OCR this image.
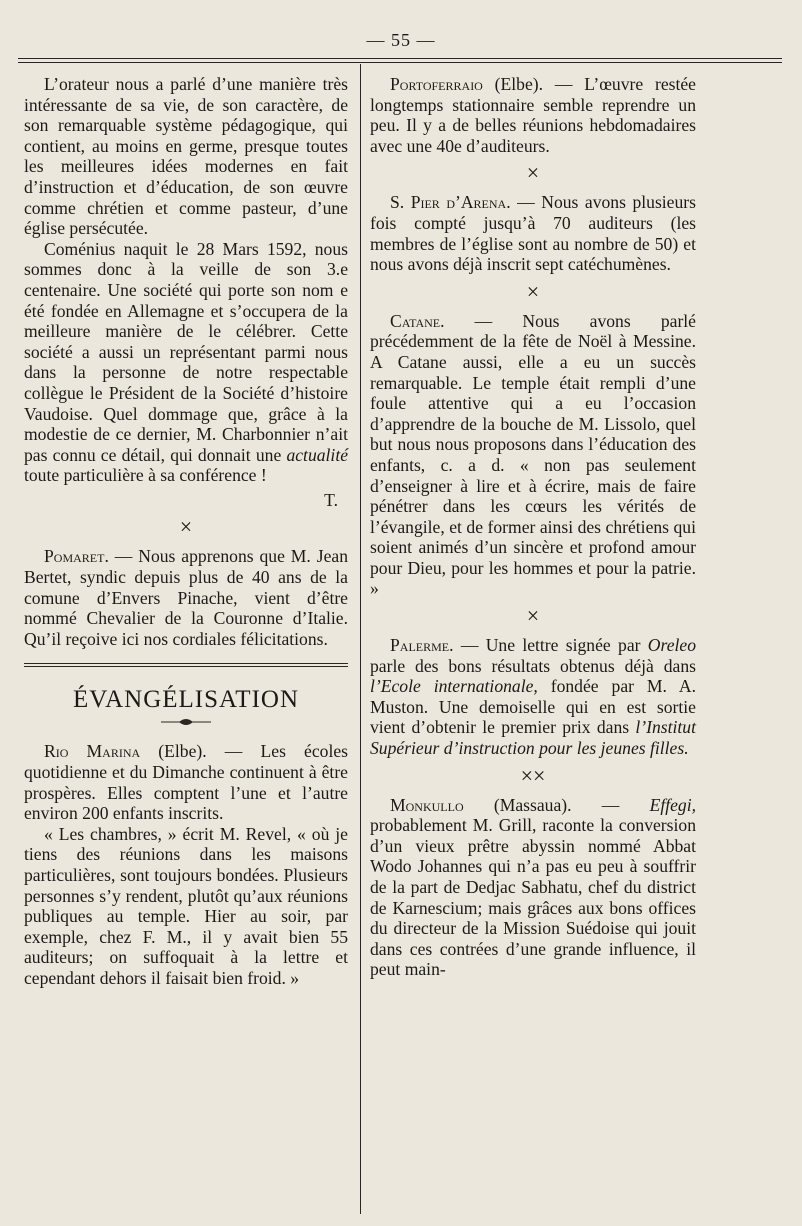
— 55 —

L’orateur nous a parlé d’une manière très intéressante de sa vie, de son caractère, de son remarquable système pédagogique, qui contient, au moins en germe, presque toutes les meilleures idées modernes en fait d’instruction et d’éducation, de son œuvre comme chrétien et comme pasteur, d’une église persécutée.

Coménius naquit le 28 Mars 1592, nous sommes donc à la veille de son 3.e centenaire. Une société qui porte son nom e été fondée en Allemagne et s’occupera de la meilleure manière de le célébrer. Cette société a aussi un représentant parmi nous dans la personne de notre respectable collègue le Président de la Société d’histoire Vaudoise. Quel dommage que, grâce à la modestie de ce dernier, M. Charbonnier n’ait pas connu ce détail, qui donnait une actualité toute particulière à sa conférence !

T.

×

Pomaret. — Nous apprenons que M. Jean Bertet, syndic depuis plus de 40 ans de la comune d’Envers Pinache, vient d’être nommé Chevalier de la Couronne d’Italie. Qu’il reçoive ici nos cordiales félicitations.

ÉVANGÉLISATION

Rio Marina (Elbe). — Les écoles quotidienne et du Dimanche continuent à être prospères. Elles comptent l’une et l’autre environ 200 enfants inscrits.

« Les chambres, » écrit M. Revel, « où je tiens des réunions dans les maisons particulières, sont toujours bondées. Plusieurs personnes s’y rendent, plutôt qu’aux réunions publiques au temple. Hier au soir, par exemple, chez F. M., il y avait bien 55 auditeurs; on suffoquait à la lettre et cependant dehors il faisait bien froid. »

Portoferraio (Elbe). — L’œuvre restée longtemps stationnaire semble reprendre un peu. Il y a de belles réunions hebdomadaires avec une 40e d’auditeurs.

×

S. Pier d’Arena. — Nous avons plusieurs fois compté jusqu’à 70 auditeurs (les membres de l’église sont au nombre de 50) et nous avons déjà inscrit sept catéchumènes.

×

Catane. — Nous avons parlé précédemment de la fête de Noël à Messine. A Catane aussi, elle a eu un succès remarquable. Le temple était rempli d’une foule attentive qui a eu l’occasion d’apprendre de la bouche de M. Lissolo, quel but nous nous proposons dans l’éducation des enfants, c. a d. « non pas seulement d’enseigner à lire et à écrire, mais de faire pénétrer dans les cœurs les vérités de l’évangile, et de former ainsi des chrétiens qui soient animés d’un sincère et profond amour pour Dieu, pour les hommes et pour la patrie. »

×

Palerme. — Une lettre signée par Oreleo parle des bons résultats obtenus déjà dans l’Ecole internationale, fondée par M. A. Muston. Une demoiselle qui en est sortie vient d’obtenir le premier prix dans l’Institut Supérieur d’instruction pour les jeunes filles.

××

Monkullo (Massaua). — Effegi, probablement M. Grill, raconte la conversion d’un vieux prêtre abyssin nommé Abbat Wodo Johannes qui n’a pas eu peu à souffrir de la part de Dedjac Sabhatu, chef du district de Karnescium; mais grâces aux bons offices du directeur de la Mission Suédoise qui jouit dans ces contrées d’une grande influence, il peut main-
